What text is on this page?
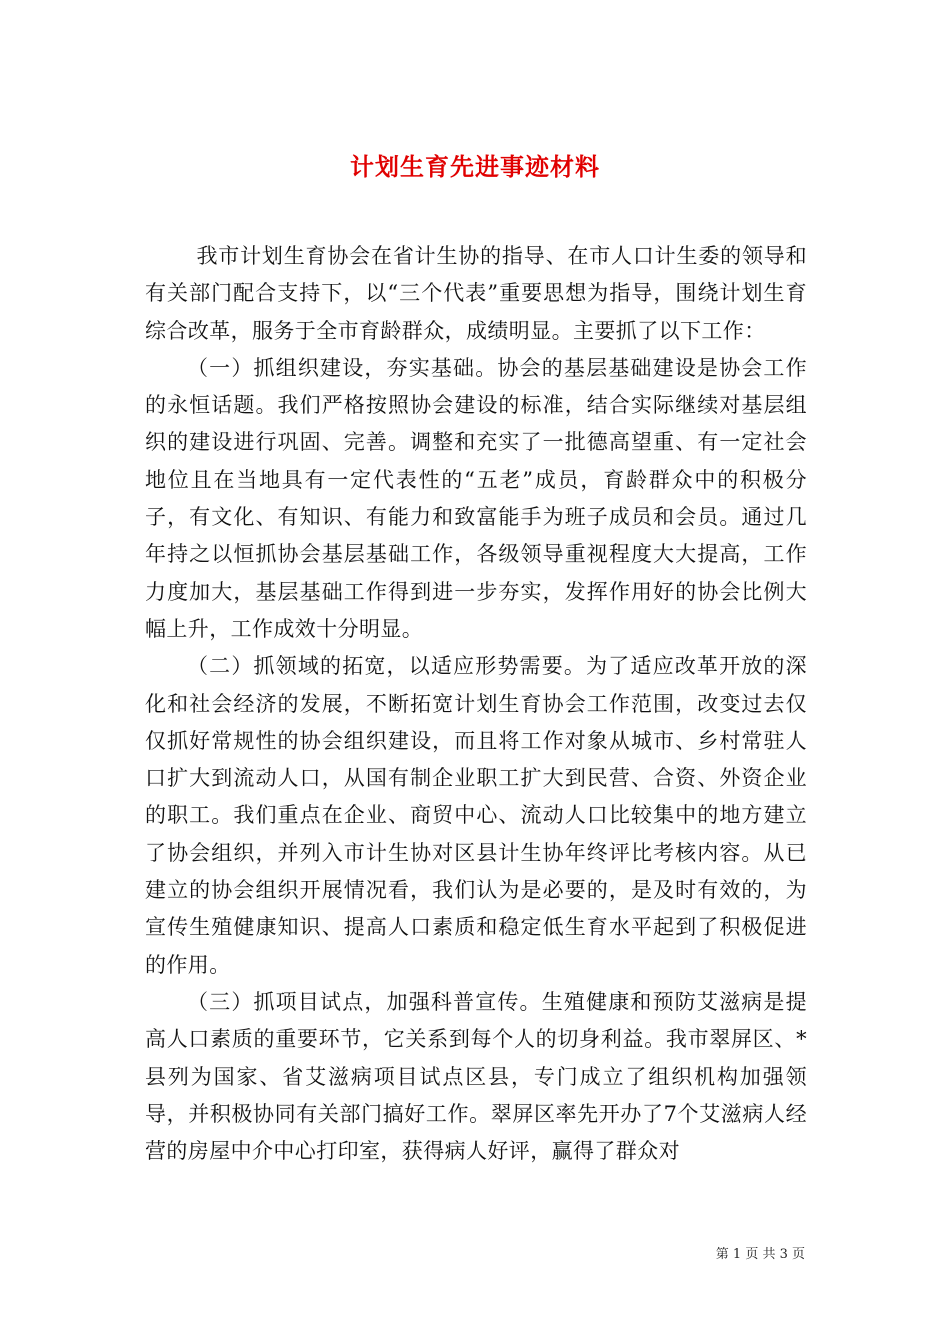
计划生育先进事迹材料

我市计划生育协会在省计生协的指导、在市人口计生委的领导和有关部门配合支持下，以“三个代表”重要思想为指导，围绕计划生育综合改革，服务于全市育龄群众，成绩明显。主要抓了以下工作：

（一）抓组织建设，夯实基础。协会的基层基础建设是协会工作的永恒话题。我们严格按照协会建设的标准，结合实际继续对基层组织的建设进行巩固、完善。调整和充实了一批德高望重、有一定社会地位且在当地具有一定代表性的“五老”成员，育龄群众中的积极分子，有文化、有知识、有能力和致富能手为班子成员和会员。通过几年持之以恒抓协会基层基础工作，各级领导重视程度大大提高，工作力度加大，基层基础工作得到进一步夯实，发挥作用好的协会比例大幅上升，工作成效十分明显。

（二）抓领域的拓宽，以适应形势需要。为了适应改革开放的深化和社会经济的发展，不断拓宽计划生育协会工作范围，改变过去仅仅抓好常规性的协会组织建设，而且将工作对象从城市、乡村常驻人口扩大到流动人口，从国有制企业职工扩大到民营、合资、外资企业的职工。我们重点在企业、商贸中心、流动人口比较集中的地方建立了协会组织，并列入市计生协对区县计生协年终评比考核内容。从已建立的协会组织开展情况看，我们认为是必要的，是及时有效的，为宣传生殖健康知识、提高人口素质和稳定低生育水平起到了积极促进的作用。

（三）抓项目试点，加强科普宣传。生殖健康和预防艾滋病是提高人口素质的重要环节，它关系到每个人的切身利益。我市翠屏区、*县列为国家、省艾滋病项目试点区县，专门成立了组织机构加强领导，并积极协同有关部门搞好工作。翠屏区率先开办了7个艾滋病人经营的房屋中介中心打印室，获得病人好评，赢得了群众对

第 1 页 共 3 页
